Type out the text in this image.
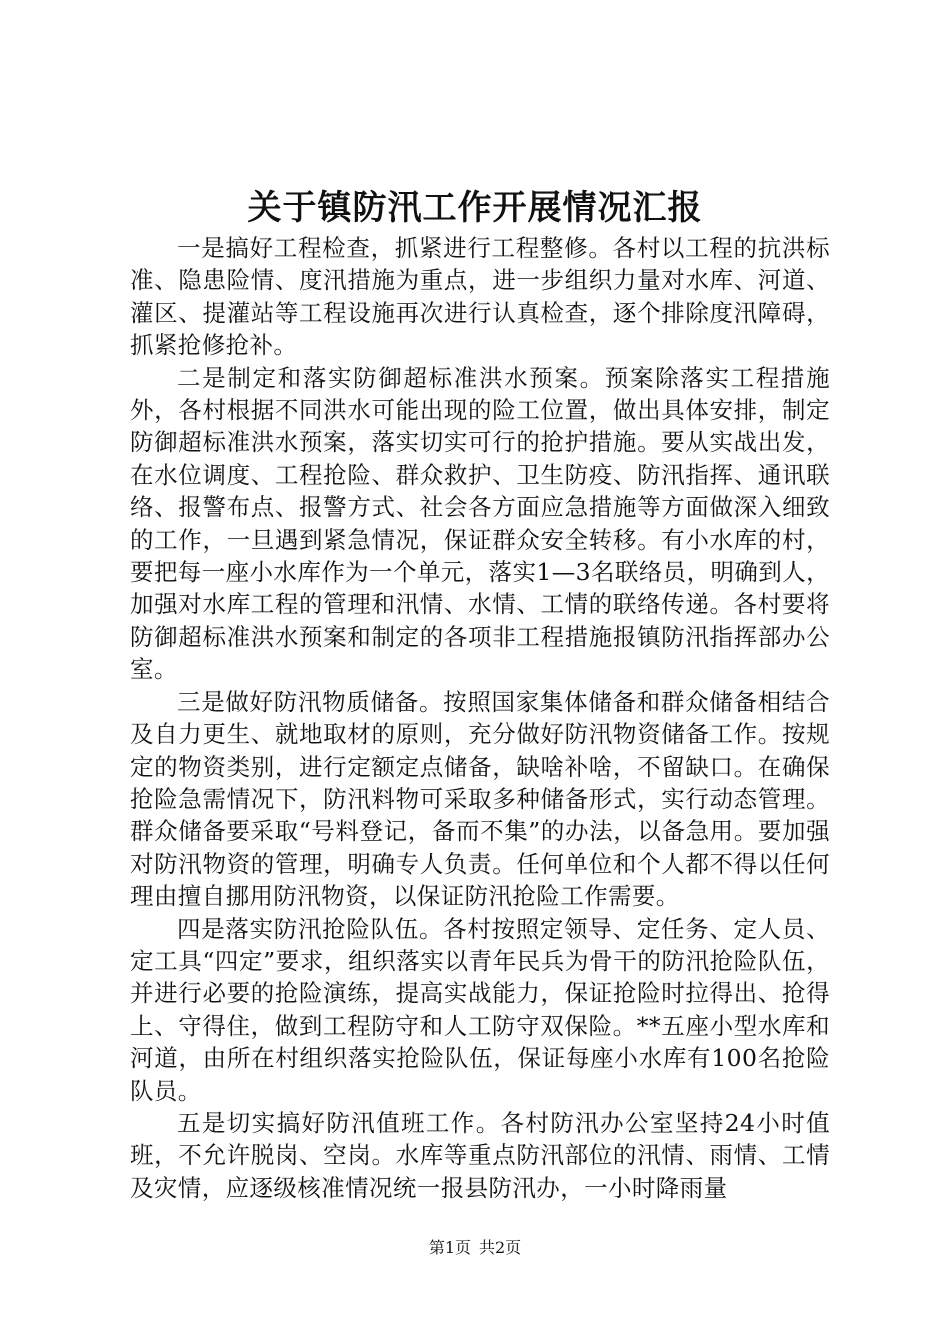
关于镇防汛工作开展情况汇报

一是搞好工程检查，抓紧进行工程整修。各村以工程的抗洪标准、隐患险情、度汛措施为重点，进一步组织力量对水库、河道、灌区、提灌站等工程设施再次进行认真检查，逐个排除度汛障碍，抓紧抢修抢补。

二是制定和落实防御超标准洪水预案。预案除落实工程措施外，各村根据不同洪水可能出现的险工位置，做出具体安排，制定防御超标准洪水预案，落实切实可行的抢护措施。要从实战出发，在水位调度、工程抢险、群众救护、卫生防疫、防汛指挥、通讯联络、报警布点、报警方式、社会各方面应急措施等方面做深入细致的工作，一旦遇到紧急情况，保证群众安全转移。有小水库的村，要把每一座小水库作为一个单元，落实1—3名联络员，明确到人，加强对水库工程的管理和汛情、水情、工情的联络传递。各村要将防御超标准洪水预案和制定的各项非工程措施报镇防汛指挥部办公室。

三是做好防汛物质储备。按照国家集体储备和群众储备相结合及自力更生、就地取材的原则，充分做好防汛物资储备工作。按规定的物资类别，进行定额定点储备，缺啥补啥，不留缺口。在确保抢险急需情况下，防汛料物可采取多种储备形式，实行动态管理。群众储备要采取“号料登记，备而不集”的办法，以备急用。要加强对防汛物资的管理，明确专人负责。任何单位和个人都不得以任何理由擅自挪用防汛物资，以保证防汛抢险工作需要。

四是落实防汛抢险队伍。各村按照定领导、定任务、定人员、定工具“四定”要求，组织落实以青年民兵为骨干的防汛抢险队伍，并进行必要的抢险演练，提高实战能力，保证抢险时拉得出、抢得上、守得住，做到工程防守和人工防守双保险。**五座小型水库和河道，由所在村组织落实抢险队伍，保证每座小水库有100名抢险队员。

五是切实搞好防汛值班工作。各村防汛办公室坚持24小时值班，不允许脱岗、空岗。水库等重点防汛部位的汛情、雨情、工情及灾情，应逐级核准情况统一报县防汛办，一小时降雨量

第1页 共2页
